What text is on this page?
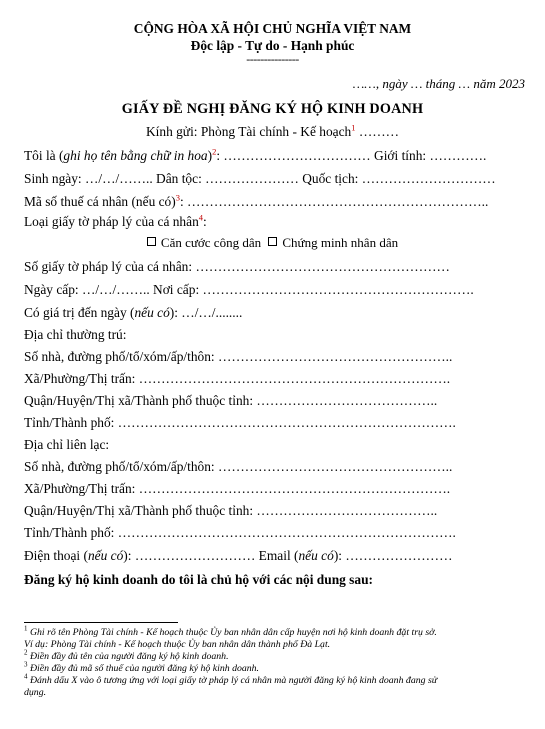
CỘNG HÒA XÃ HỘI CHỦ NGHĨA VIỆT NAM
Độc lập - Tự do - Hạnh phúc
---------------
……, ngày … tháng … năm 2023
GIẤY ĐỀ NGHỊ ĐĂNG KÝ HỘ KINH DOANH
Kính gửi: Phòng Tài chính - Kế hoạch$^1$ ………
Tôi là (ghi họ tên bằng chữ in hoa)$^2$: …………………………… Giới tính: ………….
Sinh ngày: …/…/…….. Dân tộc: ………………… Quốc tịch: …………………………
Mã số thuế cá nhân (nếu có)$^3$: …………………………………………………………..
Loại giấy tờ pháp lý của cá nhân$^4$:
Căn cước công dân Chứng minh nhân dân
Số giấy tờ pháp lý của cá nhân: …………………………………………………
Ngày cấp: …/…/…….. Nơi cấp: …………………………………………………….
Có giá trị đến ngày (nếu có): …/…/........
Địa chỉ thường trú:
Số nhà, đường phố/tổ/xóm/ấp/thôn: ……………………………………………..
Xã/Phường/Thị trấn: …………………………………………………………….
Quận/Huyện/Thị xã/Thành phố thuộc tỉnh: …………………………………..
Tỉnh/Thành phố: ………………………………………………………………….
Địa chỉ liên lạc:
Số nhà, đường phố/tổ/xóm/ấp/thôn: ……………………………………………..
Xã/Phường/Thị trấn: …………………………………………………………….
Quận/Huyện/Thị xã/Thành phố thuộc tỉnh: …………………………………..
Tỉnh/Thành phố: ………………………………………………………………….
Điện thoại (nếu có): ……………………… Email (nếu có): ……………………
Đăng ký hộ kinh doanh do tôi là chủ hộ với các nội dung sau:
$^1$ Ghi rõ tên Phòng Tài chính - Kế hoạch thuộc Ủy ban nhân dân cấp huyện nơi hộ kinh doanh đặt trụ sở.
Ví dụ: Phòng Tài chính - Kế hoạch thuộc Ủy ban nhân dân thành phố Đà Lạt.
$^2$ Điền đầy đủ tên của người đăng ký hộ kinh doanh.
$^3$ Điền đầy đủ mã số thuế của người đăng ký hộ kinh doanh.
$^4$ Đánh dấu X vào ô tương ứng với loại giấy tờ pháp lý cá nhân mà người đăng ký hộ kinh doanh đang sử
dụng.
